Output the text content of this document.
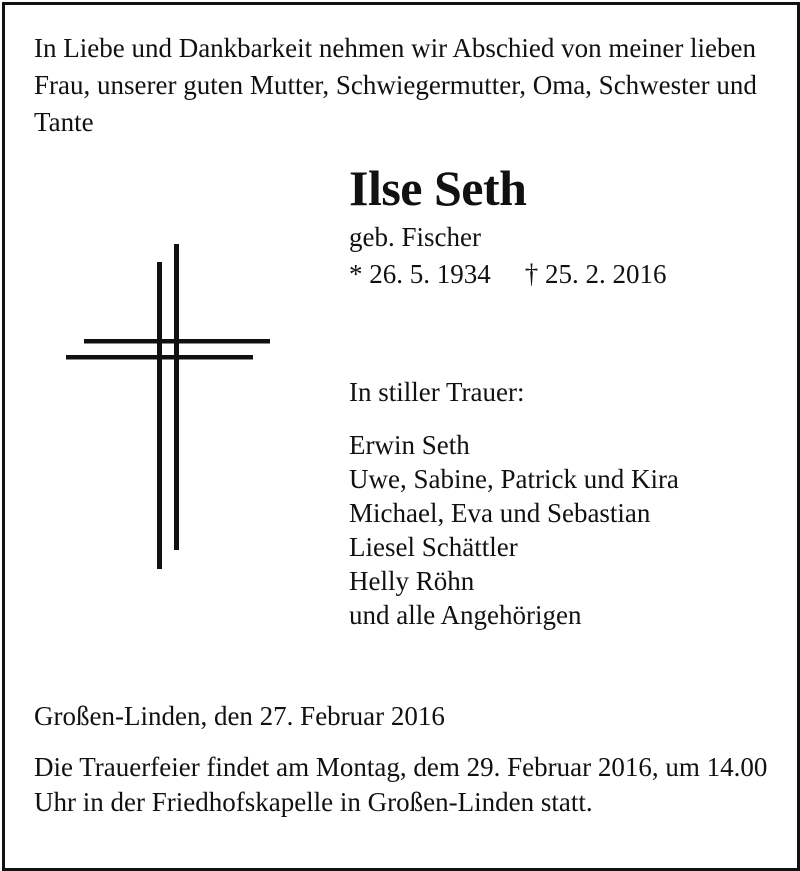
In Liebe und Dankbarkeit nehmen wir Abschied von meiner lieben Frau, unserer guten Mutter, Schwiegermutter, Oma, Schwester und Tante

Ilse Seth
geb. Fischer
* 26. 5. 1934 † 25. 2. 2016
In stiller Trauer:
Erwin Seth
Uwe, Sabine, Patrick und Kira
Michael, Eva und Sebastian
Liesel Schättler
Helly Röhn
und alle Angehörigen
Großen-Linden, den 27. Februar 2016

Die Trauerfeier findet am Montag, dem 29. Februar 2016, um 14.00 Uhr in der Friedhofskapelle in Großen-Linden statt.
